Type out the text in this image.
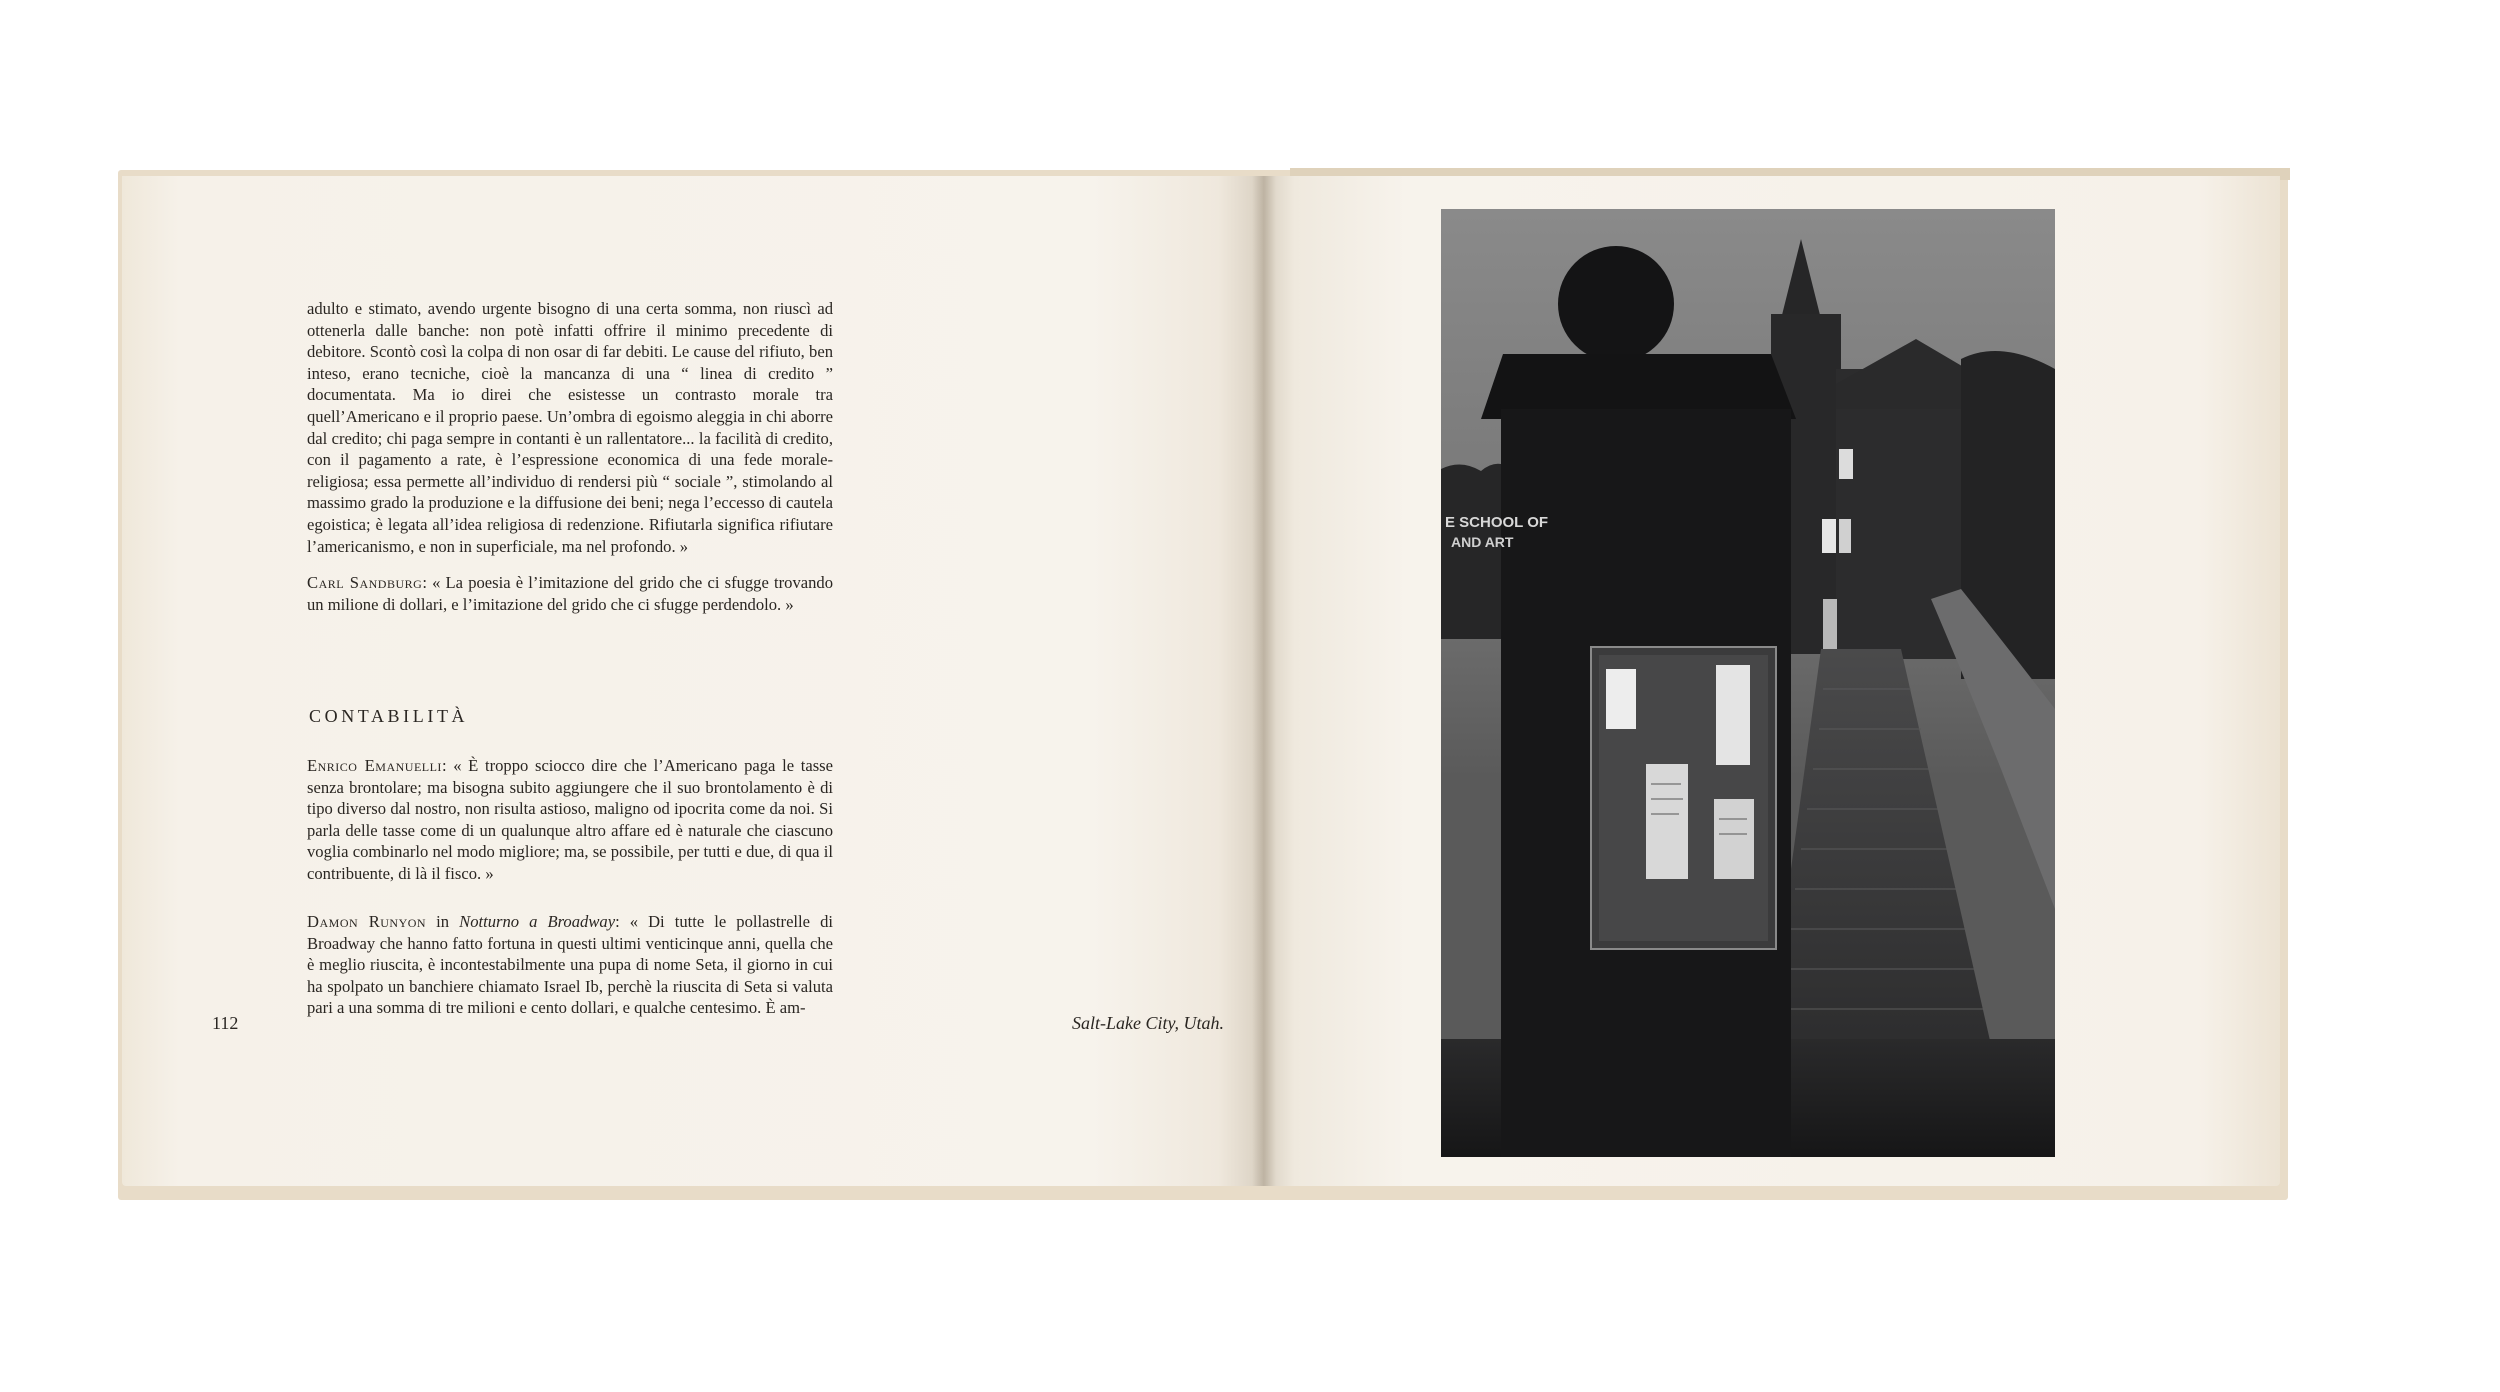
adulto e stimato, avendo urgente bisogno di una certa somma, non riuscì ad ottenerla dalle banche: non potè infatti offrire il minimo precedente di debitore. Scontò così la colpa di non osar di far debiti. Le cause del rifiuto, ben inteso, erano tecniche, cioè la mancanza di una “ linea di credito ” documentata. Ma io direi che esistesse un contrasto morale tra quell’Americano e il proprio paese. Un’ombra di egoismo aleggia in chi aborre dal credito; chi paga sempre in contanti è un rallentatore... la facilità di credito, con il pagamento a rate, è l’espressione economica di una fede morale-religiosa; essa permette all’individuo di rendersi più “ sociale ”, stimolando al massimo grado la produzione e la diffusione dei beni; nega l’eccesso di cautela egoistica; è legata all’idea religiosa di redenzione. Rifiutarla significa rifiutare l’americanismo, e non in superficiale, ma nel profondo. »

Carl Sandburg: « La poesia è l’imitazione del grido che ci sfugge trovando un milione di dollari, e l’imitazione del grido che ci sfugge perdendolo. »

CONTABILITÀ
Enrico Emanuelli: « È troppo sciocco dire che l’Americano paga le tasse senza brontolare; ma bisogna subito aggiungere che il suo brontolamento è di tipo diverso dal nostro, non risulta astioso, maligno od ipocrita come da noi. Si parla delle tasse come di un qualunque altro affare ed è naturale che ciascuno voglia combinarlo nel modo migliore; ma, se possibile, per tutti e due, di qua il contribuente, di là il fisco. »
Damon Runyon in Notturno a Broadway: « Di tutte le pollastrelle di Broadway che hanno fatto fortuna in questi ultimi venticinque anni, quella che è meglio riuscita, è incontestabilmente una pupa di nome Seta, il giorno in cui ha spolpato un banchiere chiamato Israel Ib, perchè la riuscita di Seta si valuta pari a una somma di tre milioni e cento dollari, e qualche centesimo. È am-
112	Salt-Lake City, Utah.
E SCHOOL OF
AND ART
